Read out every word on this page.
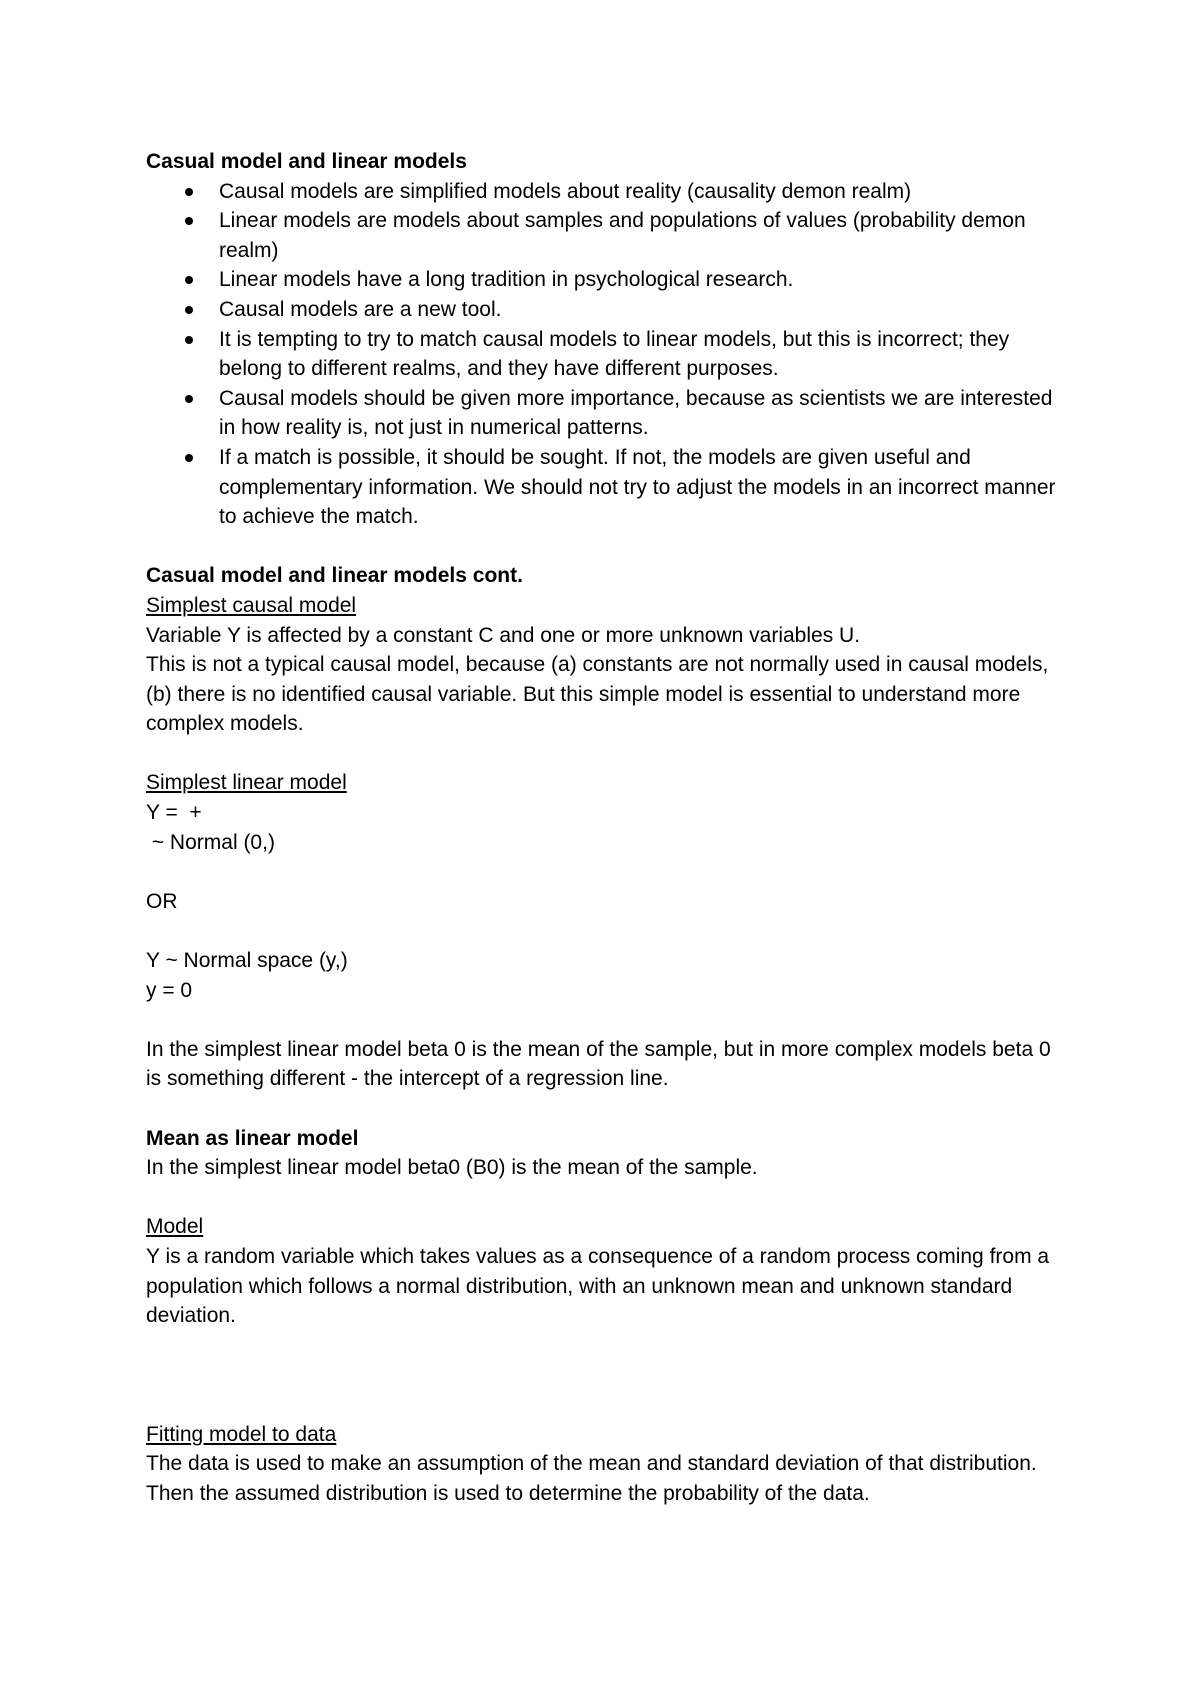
Casual model and linear models

Causal models are simplified models about reality (causality demon realm)
Linear models are models about samples and populations of values (probability demon realm)
Linear models have a long tradition in psychological research.
Causal models are a new tool.
It is tempting to try to match causal models to linear models, but this is incorrect; they belong to different realms, and they have different purposes.
Causal models should be given more importance, because as scientists we are interested in how reality is, not just in numerical patterns.
If a match is possible, it should be sought. If not, the models are given useful and complementary information. We should not try to adjust the models in an incorrect manner to achieve the match.

Casual model and linear models cont.

Simplest causal model

Variable Y is affected by a constant C and one or more unknown variables U.

This is not a typical causal model, because (a) constants are not normally used in causal models, (b) there is no identified causal variable. But this simple model is essential to understand more complex models.

Simplest linear model

Y =  +

~ Normal (0,)

OR

Y ~ Normal space (y,)

y = 0

In the simplest linear model beta 0 is the mean of the sample, but in more complex models beta 0 is something different - the intercept of a regression line.

Mean as linear model

In the simplest linear model beta0 (B0) is the mean of the sample.

Model

Y is a random variable which takes values as a consequence of a random process coming from a population which follows a normal distribution, with an unknown mean and unknown standard deviation.

Fitting model to data

The data is used to make an assumption of the mean and standard deviation of that distribution.

Then the assumed distribution is used to determine the probability of the data.
